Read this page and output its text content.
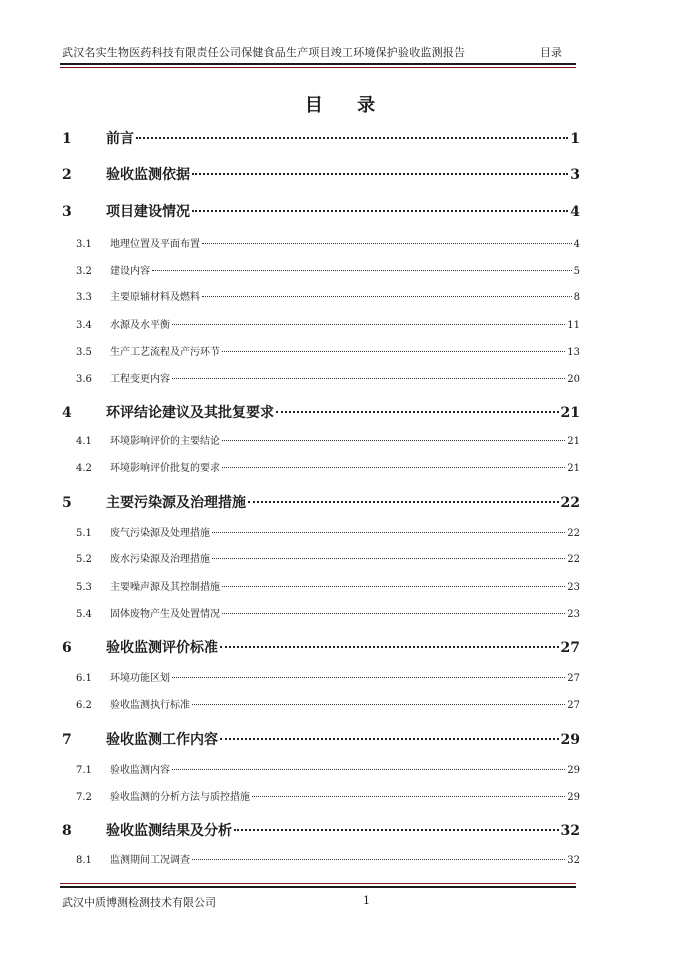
武汉名实生物医药科技有限责任公司保健食品生产项目竣工环境保护验收监测报告	目录
目 录
1	前言	1
2	验收监测依据	3
3	项目建设情况	4
3.1	地理位置及平面布置	4
3.2	建设内容	5
3.3	主要原辅材料及燃料	8
3.4	水源及水平衡	11
3.5	生产工艺流程及产污环节	13
3.6	工程变更内容	20
4	环评结论建议及其批复要求	21
4.1	环境影响评价的主要结论	21
4.2	环境影响评价批复的要求	21
5	主要污染源及治理措施	22
5.1	废气污染源及处理措施	22
5.2	废水污染源及治理措施	22
5.3	主要噪声源及其控制措施	23
5.4	固体废物产生及处置情况	23
6	验收监测评价标准	27
6.1	环境功能区划	27
6.2	验收监测执行标准	27
7	验收监测工作内容	29
7.1	验收监测内容	29
7.2	验收监测的分析方法与质控措施	29
8	验收监测结果及分析	32
8.1	监测期间工况调查	32
武汉中质博测检测技术有限公司	1
